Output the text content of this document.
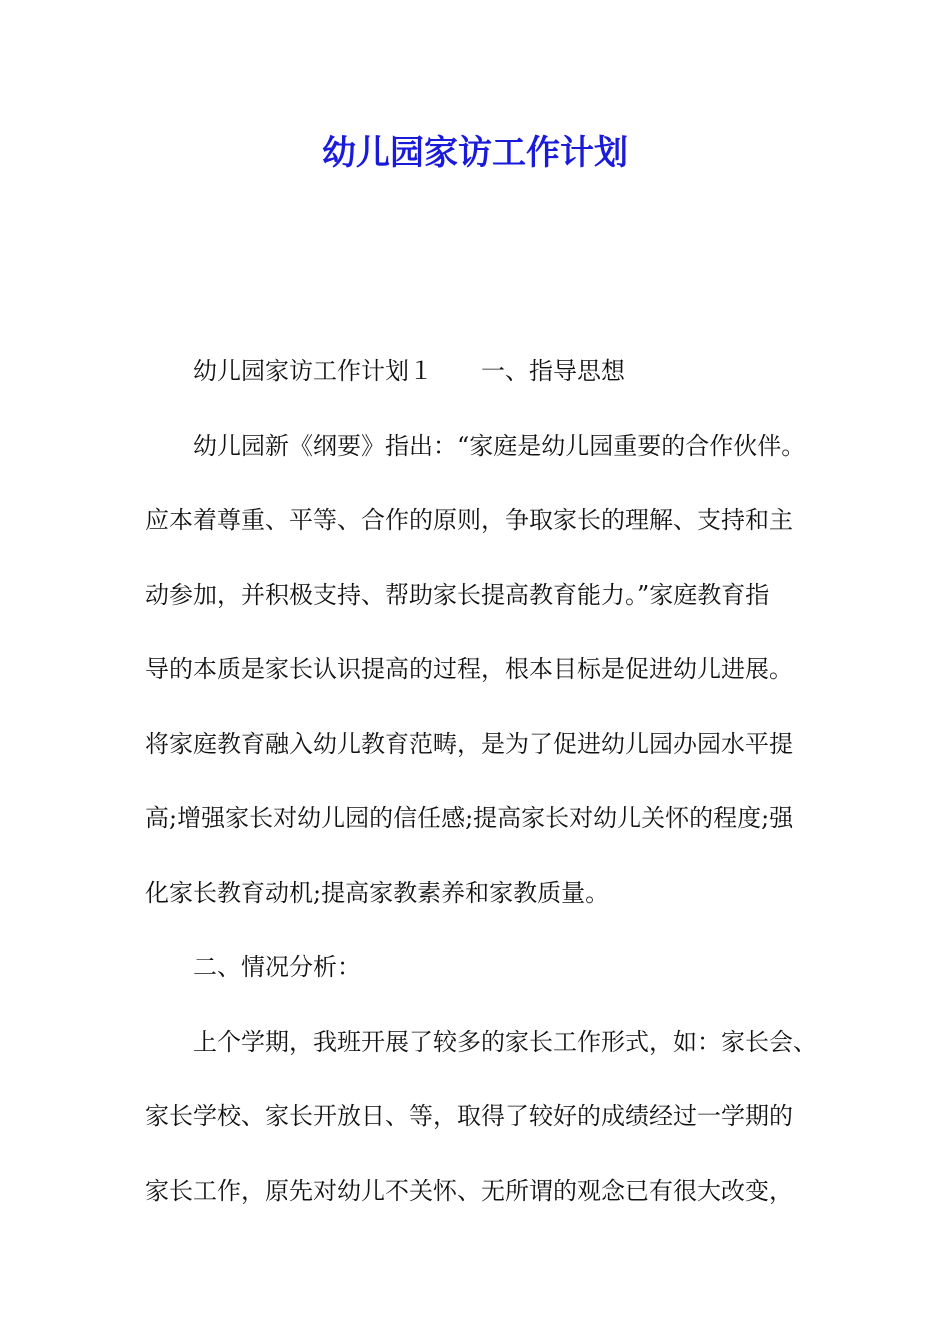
幼儿园家访工作计划
幼儿园家访工作计划１ 一、指导思想
幼儿园新《纲要》指出：“家庭是幼儿园重要的合作伙伴。
应本着尊重、平等、合作的原则，争取家长的理解、支持和主
动参加，并积极支持、帮助家长提高教育能力。”家庭教育指
导的本质是家长认识提高的过程，根本目标是促进幼儿进展。
将家庭教育融入幼儿教育范畴，是为了促进幼儿园办园水平提
高;增强家长对幼儿园的信任感;提高家长对幼儿关怀的程度;强
化家长教育动机;提高家教素养和家教质量。
二、情况分析：
上个学期，我班开展了较多的家长工作形式，如：家长会、
家长学校、家长开放日、等，取得了较好的成绩经过一学期的
家长工作，原先对幼儿不关怀、无所谓的观念已有很大改变，
